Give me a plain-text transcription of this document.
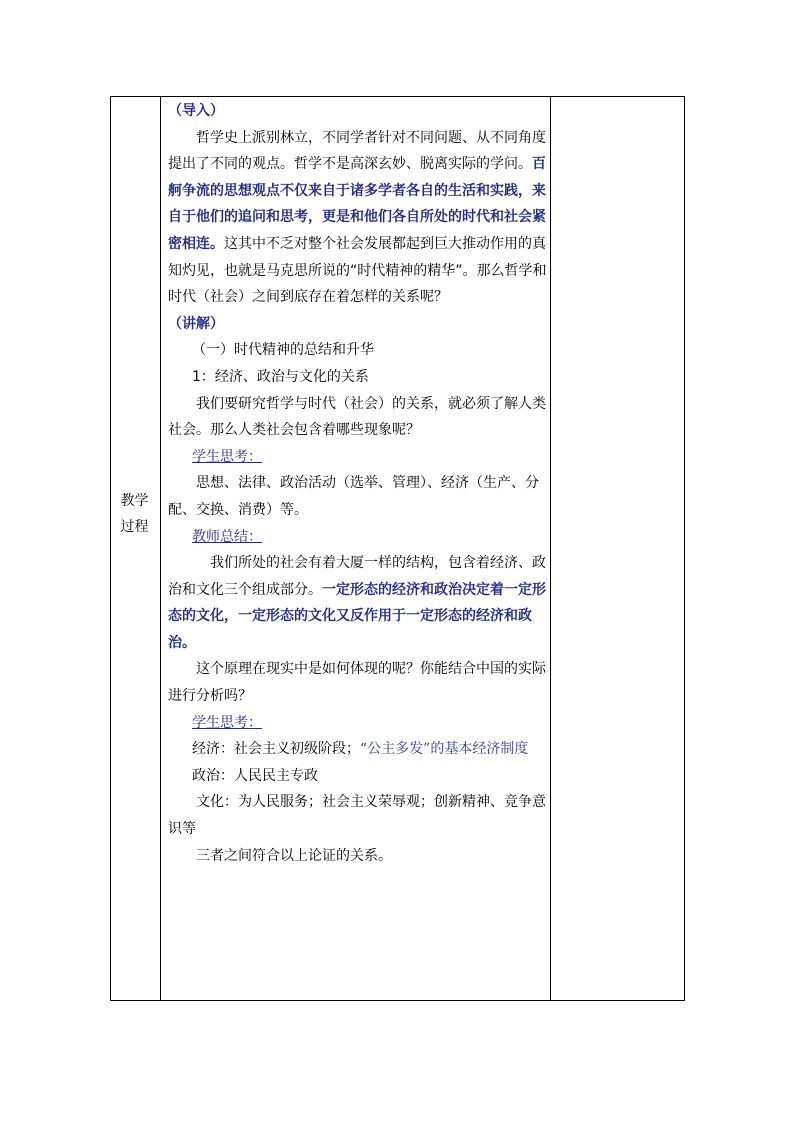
教学过程

（导入）

哲学史上派别林立，不同学者针对不同问题、从不同角度提出了不同的观点。哲学不是高深玄妙、脱离实际的学问。百舸争流的思想观点不仅来自于诸多学者各自的生活和实践，来自于他们的追问和思考，更是和他们各自所处的时代和社会紧密相连。这其中不乏对整个社会发展都起到巨大推动作用的真知灼见，也就是马克思所说的“时代精神的精华”。那么哲学和时代（社会）之间到底存在着怎样的关系呢？

（讲解）

（一）时代精神的总结和升华

1：经济、政治与文化的关系

我们要研究哲学与时代（社会）的关系，就必须了解人类社会。那么人类社会包含着哪些现象呢？

学生思考：

思想、法律、政治活动（选举、管理）、经济（生产、分配、交换、消费）等。

教师总结：

我们所处的社会有着大厦一样的结构，包含着经济、政治和文化三个组成部分。一定形态的经济和政治决定着一定形态的文化，一定形态的文化又反作用于一定形态的经济和政治。

这个原理在现实中是如何体现的呢？你能结合中国的实际进行分析吗？

学生思考：

经济：社会主义初级阶段；“公主多发”的基本经济制度

政治：人民民主专政

文化：为人民服务；社会主义荣辱观；创新精神、竞争意识等

三者之间符合以上论证的关系。
